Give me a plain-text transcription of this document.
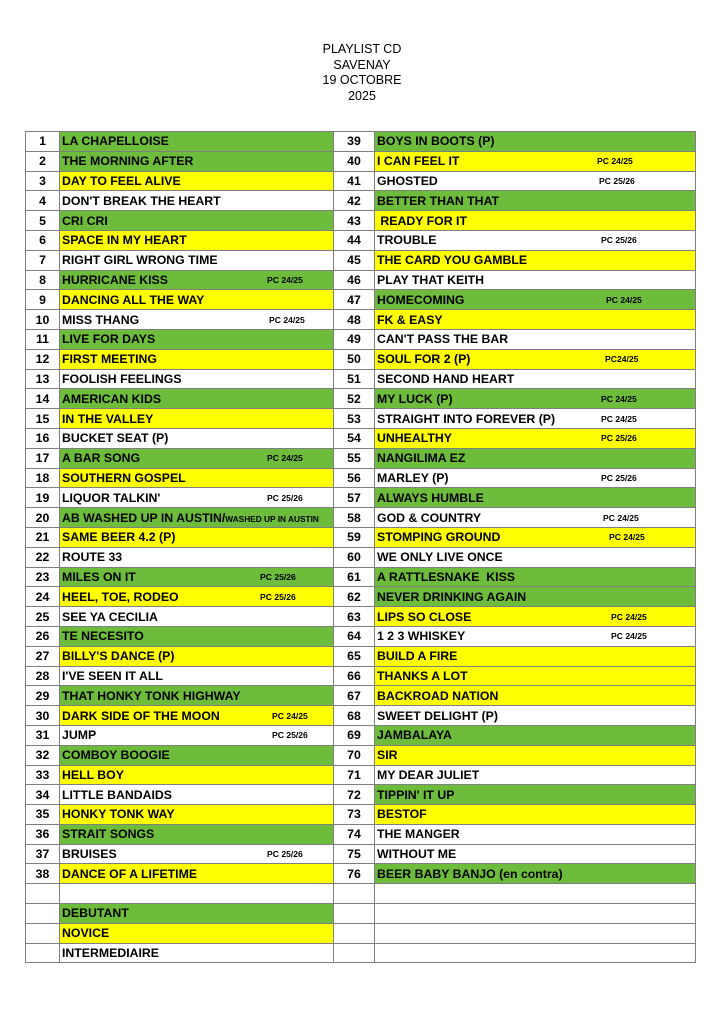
PLAYLIST CD
SAVENAY
19 OCTOBRE
2025
1	LA CHAPELLOISE	39	BOYS IN BOOTS (P)
2	THE MORNING AFTER	40	I CAN FEEL IT PC 24/25

3	DAY TO FEEL ALIVE	41	GHOSTED PC 25/26

4	DON'T BREAK THE HEART	42	BETTER THAN THAT
5	CRI CRI	43	READY FOR IT
6	SPACE IN MY HEART	44	TROUBLE PC 25/26

7	RIGHT GIRL WRONG TIME	45	THE CARD YOU GAMBLE
8	HURRICANE KISS PC 24/25	46	PLAY THAT KEITH
9	DANCING ALL THE WAY	47	HOMECOMING PC 24/25

10	MISS THANG PC 24/25	48	FK & EASY
11	LIVE FOR DAYS	49	CAN'T PASS THE BAR
12	FIRST MEETING	50	SOUL FOR 2 (P) PC24/25

13	FOOLISH FEELINGS	51	SECOND HAND HEART
14	AMERICAN KIDS	52	MY LUCK (P) PC 24/25

15	IN THE VALLEY	53	STRAIGHT INTO FOREVER (P) PC 24/25

16	BUCKET SEAT (P)	54	UNHEALTHY PC 25/26

17	A BAR SONG PC 24/25	55	NANGILIMA EZ
18	SOUTHERN GOSPEL	56	MARLEY (P) PC 25/26

19	LIQUOR TALKIN' PC 25/26	57	ALWAYS HUMBLE
20	AB WASHED UP IN AUSTIN/WASHED UP IN AUSTIN	58	GOD & COUNTRY PC 24/25

21	SAME BEER 4.2 (P)	59	STOMPING GROUND PC 24/25

22	ROUTE 33	60	WE ONLY LIVE ONCE
23	MILES ON IT PC 25/26	61	A RATTLESNAKE  KISS
24	HEEL, TOE, RODEO PC 25/26	62	NEVER DRINKING AGAIN
25	SEE YA CECILIA	63	LIPS SO CLOSE PC 24/25

26	TE NECESITO	64	1 2 3 WHISKEY PC 24/25

27	BILLY'S DANCE (P)	65	BUILD A FIRE
28	I'VE SEEN IT ALL	66	THANKS A LOT
29	THAT HONKY TONK HIGHWAY	67	BACKROAD NATION
30	DARK SIDE OF THE MOON PC 24/25	68	SWEET DELIGHT (P)
31	JUMP PC 25/26	69	JAMBALAYA
32	COMBOY BOOGIE	70	SIR
33	HELL BOY	71	MY DEAR JULIET
34	LITTLE BANDAIDS	72	TIPPIN' IT UP
35	HONKY TONK WAY	73	BESTOF
36	STRAIT SONGS	74	THE MANGER
37	BRUISES PC 25/26	75	WITHOUT ME
38	DANCE OF A LIFETIME	76	BEER BABY BANJO (en contra)

	DEBUTANT		
	NOVICE		
	INTERMEDIAIRE		
